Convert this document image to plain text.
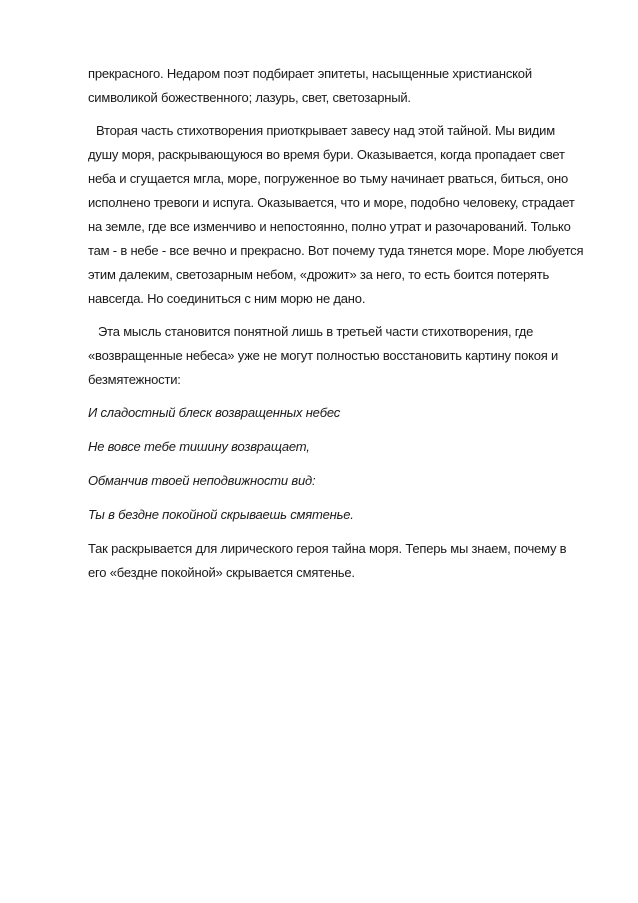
прекрасного. Недаром поэт подбирает эпитеты, насыщенные христианской символикой божественного; лазурь, свет, светозарный.

Вторая часть стихотворения приоткрывает завесу над этой тайной. Мы видим душу моря, раскрывающуюся во время бури. Оказывается, когда пропадает свет неба и сгущается мгла, море, погруженное во тьму начинает рваться, биться, оно исполнено тревоги и испуга. Оказывается, что и море, подобно человеку, страдает на земле, где все изменчиво и непостоянно, полно утрат и разочарований. Только там - в небе - все вечно и прекрасно. Вот почему туда тянется море. Море любуется этим далеким, светозарным небом, «дрожит» за него, то есть боится потерять навсегда. Но соединиться с ним морю не дано.

Эта мысль становится понятной лишь в третьей части стихотворения, где «возвращенные небеса» уже не могут полностью восстановить картину покоя и безмятежности:

И сладостный блеск возвращенных небес

Не вовсе тебе тишину возвращает,

Обманчив твоей неподвижности вид:

Ты в бездне покойной скрываешь смятенье.

Так раскрывается для лирического героя тайна моря. Теперь мы знаем, почему в его «бездне покойной» скрывается смятенье.
